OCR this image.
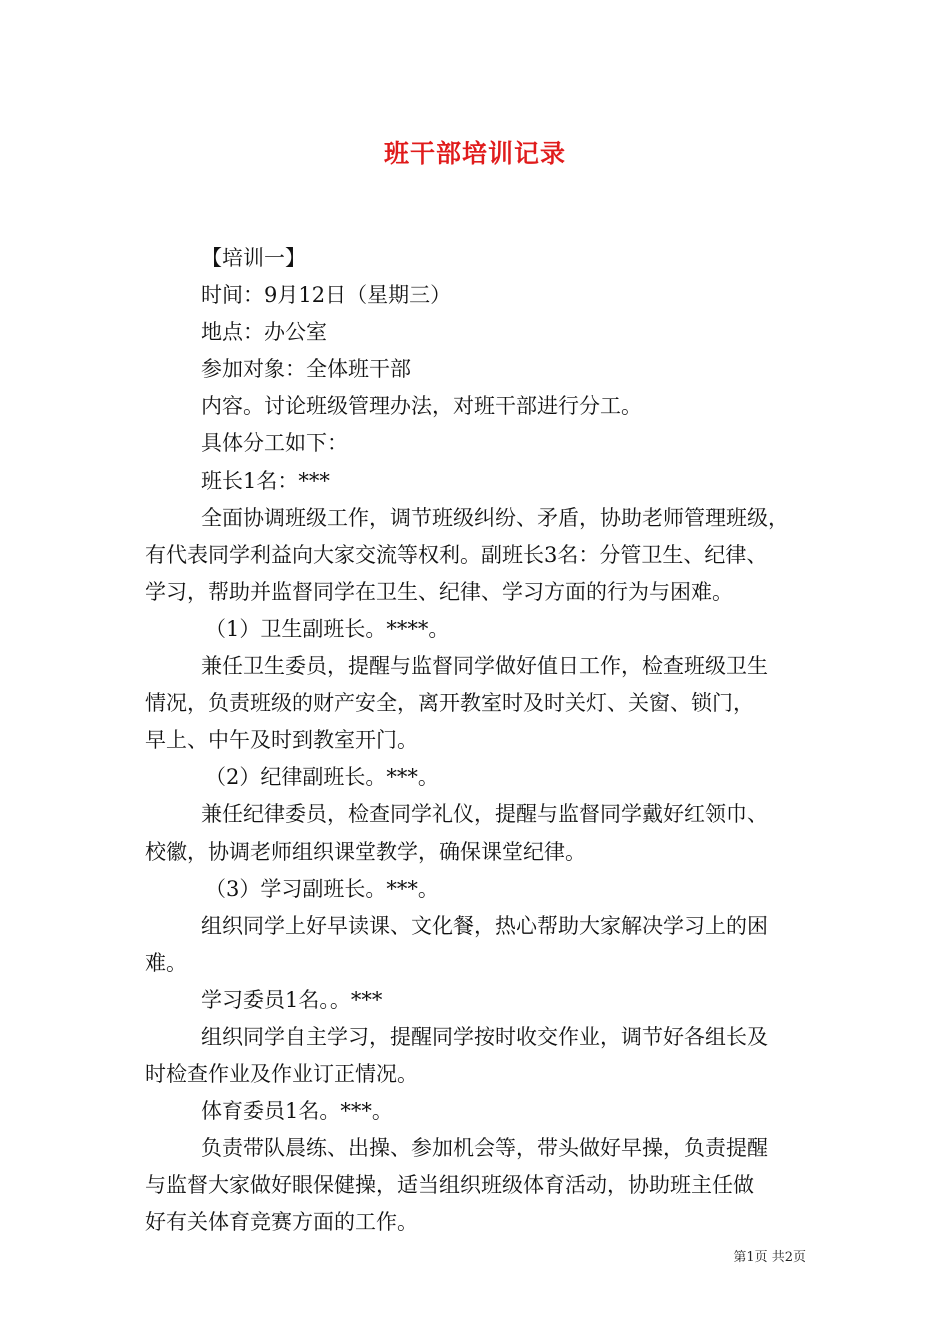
班干部培训记录
【培训一】
时间：9月12日（星期三）
地点：办公室
参加对象：全体班干部
内容。讨论班级管理办法，对班干部进行分工。
具体分工如下：
班长1名：***
全面协调班级工作，调节班级纠纷、矛盾，协助老师管理班级，
有代表同学利益向大家交流等权利。副班长3名：分管卫生、纪律、
学习，帮助并监督同学在卫生、纪律、学习方面的行为与困难。
（1）卫生副班长。****。
兼任卫生委员，提醒与监督同学做好值日工作，检查班级卫生
情况，负责班级的财产安全，离开教室时及时关灯、关窗、锁门，
早上、中午及时到教室开门。
（2）纪律副班长。***。
兼任纪律委员，检查同学礼仪，提醒与监督同学戴好红领巾、
校徽，协调老师组织课堂教学，确保课堂纪律。
（3）学习副班长。***。
组织同学上好早读课、文化餐，热心帮助大家解决学习上的困
难。
学习委员1名。。***
组织同学自主学习，提醒同学按时收交作业，调节好各组长及
时检查作业及作业订正情况。
体育委员1名。***。
负责带队晨练、出操、参加机会等，带头做好早操，负责提醒
与监督大家做好眼保健操，适当组织班级体育活动，协助班主任做
好有关体育竞赛方面的工作。
第1页 共2页
